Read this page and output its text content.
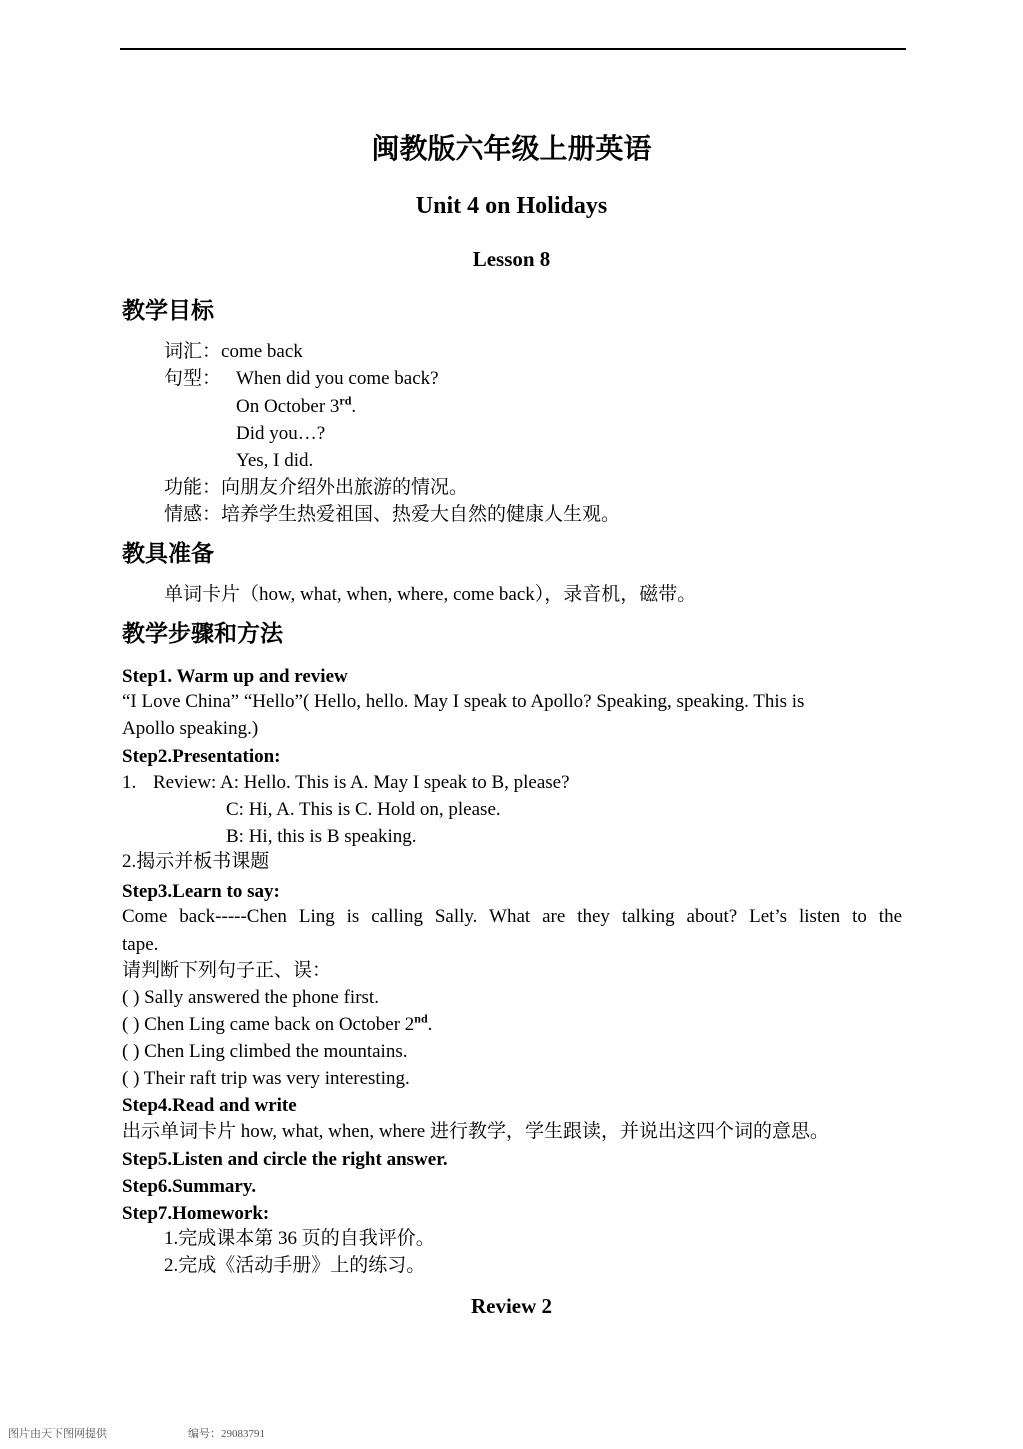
闽教版六年级上册英语
Unit 4 on Holidays
Lesson 8
教学目标
词汇：come back
句型： When did you come back?
On October 3rd.
Did you…?
Yes, I did.
功能：向朋友介绍外出旅游的情况。
情感：培养学生热爱祖国、热爱大自然的健康人生观。
教具准备
单词卡片（how, what, when, where, come back），录音机，磁带。
教学步骤和方法
Step1. Warm up and review
“I Love China” “Hello”( Hello, hello. May I speak to Apollo? Speaking, speaking. This is
Apollo speaking.)
Step2.Presentation:
1. Review: A: Hello. This is A. May I speak to B, please?
C: Hi, A. This is C. Hold on, please.
B: Hi, this is B speaking.
2.揭示并板书课题
Step3.Learn to say:
Come back-----Chen Ling is calling Sally. What are they talking about? Let’s listen to the
tape.
请判断下列句子正、误：
( ) Sally answered the phone first.
( ) Chen Ling came back on October 2nd.
( ) Chen Ling climbed the mountains.
( ) Their raft trip was very interesting.
Step4.Read and write
出示单词卡片 how, what, when, where 进行教学，学生跟读，并说出这四个词的意思。
Step5.Listen and circle the right answer.
Step6.Summary.
Step7.Homework:
1.完成课本第 36 页的自我评价。
2.完成《活动手册》上的练习。
Review 2
图片由天下图网提供	编号：29083791
